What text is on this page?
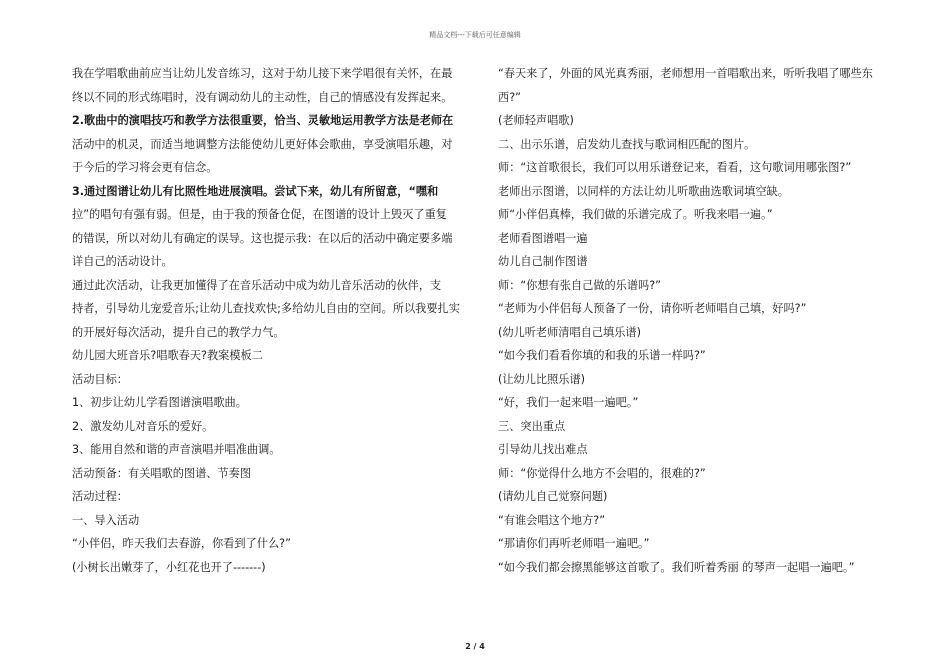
精品文档---下载后可任意编辑
我在学唱歌曲前应当让幼儿发音练习，这对于幼儿接下来学唱很有关怀，在最
终以不同的形式练唱时，没有调动幼儿的主动性，自己的情感没有发挥起来。
2.歌曲中的演唱技巧和教学方法很重要，恰当、灵敏地运用教学方法是老师在
活动中的机灵，而适当地调整方法能使幼儿更好体会歌曲，享受演唱乐趣，对
于今后的学习将会更有信念。
3.通过图谱让幼儿有比照性地进展演唱。尝试下来，幼儿有所留意，“嘿和
拉”的唱句有强有弱。但是，由于我的预备仓促，在图谱的设计上毁灭了重复
的错误，所以对幼儿有确定的误导。这也提示我：在以后的活动中确定要多端
详自己的活动设计。
通过此次活动，让我更加懂得了在音乐活动中成为幼儿音乐活动的伙伴，支
持者，引导幼儿宠爱音乐;让幼儿查找欢快;多给幼儿自由的空间。所以我要扎实
的开展好每次活动，提升自己的教学力气。
幼儿园大班音乐?唱歌春天?教案模板二
活动目标：
1、初步让幼儿学看图谱演唱歌曲。
2、激发幼儿对音乐的爱好。
3、能用自然和谐的声音演唱并唱准曲调。
活动预备：有关唱歌的图谱、节奏图
活动过程：
一、导入活动
“小伴侣，昨天我们去春游，你看到了什么?”
(小树长出嫩芽了，小红花也开了-------)
“春天来了，外面的风光真秀丽，老师想用一首唱歌出来，听听我唱了哪些东
西?”
(老师轻声唱歌)
二、出示乐谱，启发幼儿查找与歌词相匹配的图片。
师：“这首歌很长，我们可以用乐谱登记来，看看，这句歌词用哪张图?”
老师出示图谱，以同样的方法让幼儿听歌曲选歌词填空缺。
师“小伴侣真棒，我们做的乐谱完成了。听我来唱一遍。”
老师看图谱唱一遍
幼儿自己制作图谱
师：“你想有张自己做的乐谱吗?”
“老师为小伴侣每人预备了一份，请你听老师唱自己填，好吗?”
(幼儿听老师清唱自己填乐谱)
“如今我们看看你填的和我的乐谱一样吗?”
(让幼儿比照乐谱)
“好，我们一起来唱一遍吧。”
三、突出重点
引导幼儿找出难点
师：“你觉得什么地方不会唱的，很难的?”
(请幼儿自己觉察问题)
“有谁会唱这个地方?”
“那请你们再听老师唱一遍吧。”
“如今我们都会擦黑能够这首歌了。我们听着秀丽 的琴声一起唱一遍吧。”
2 / 4
